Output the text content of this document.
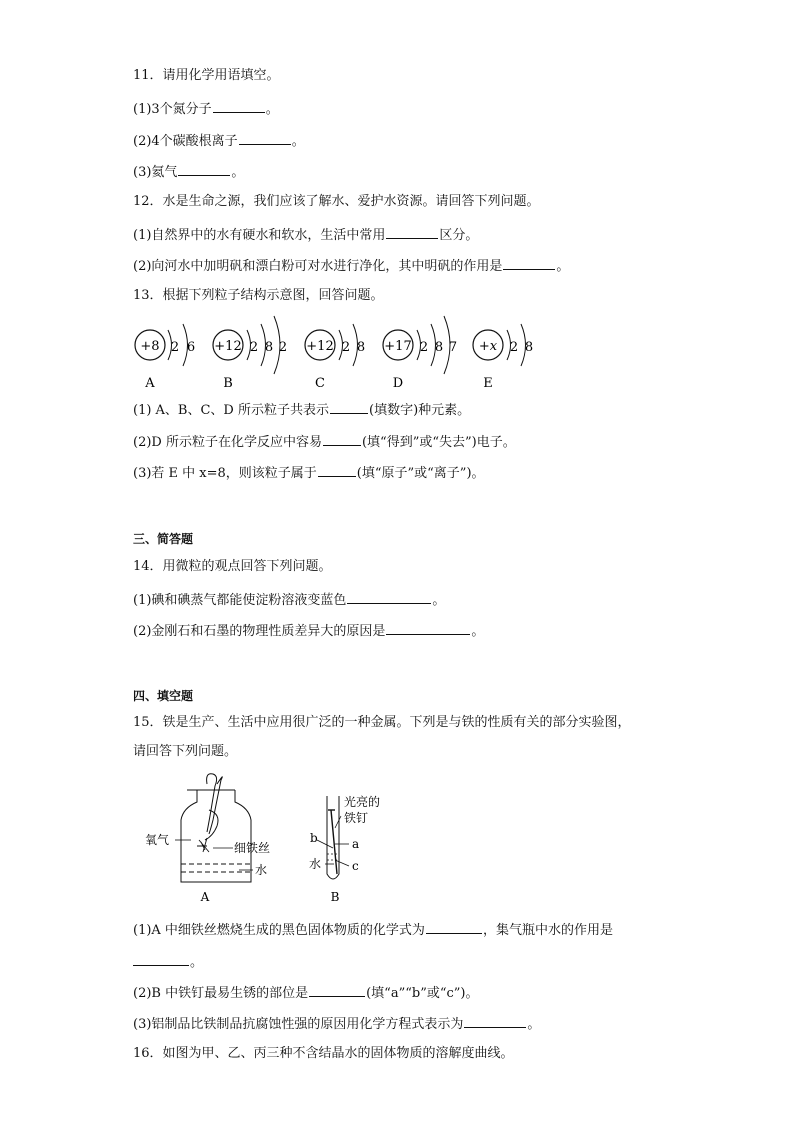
11．请用化学用语填空。
(1)3个氮分子	。
(2)4个碳酸根离子	。
(3)氦气	。
12．水是生命之源，我们应该了解水、爱护水资源。请回答下列问题。
(1)自然界中的水有硬水和软水，生活中常用	区分。
(2)向河水中加明矾和漂白粉可对水进行净化，其中明矾的作用是	。
13．根据下列粒子结构示意图，回答问题。
+8 2 6
A
+12 2 8 2
B
+12 2 8
C
+17 2 8 7
D
+x 2 8
E
(1) A、B、C、D 所示粒子共表示	(填数字)种元素。
(2)D 所示粒子在化学反应中容易	(填“得到”或“失去”)电子。
(3)若 E 中 x=8，则该粒子属于	(填“原子”或“离子”)。
三、简答题
14．用微粒的观点回答下列问题。
(1)碘和碘蒸气都能使淀粉溶液变蓝色	。
(2)金刚石和石墨的物理性质差异大的原因是	。
四、填空题
15．铁是生产、生活中应用很广泛的一种金属。下列是与铁的性质有关的部分实验图，
请回答下列问题。
氧气
细铁丝
水
A
光亮的
铁钉
b	a
c
水
B
(1)A 中细铁丝燃烧生成的黑色固体物质的化学式为	，集气瓶中水的作用是
。
(2)B 中铁钉最易生锈的部位是	(填“a”“b”或“c”)。
(3)铝制品比铁制品抗腐蚀性强的原因用化学方程式表示为	。
16．如图为甲、乙、丙三种不含结晶水的固体物质的溶解度曲线。
